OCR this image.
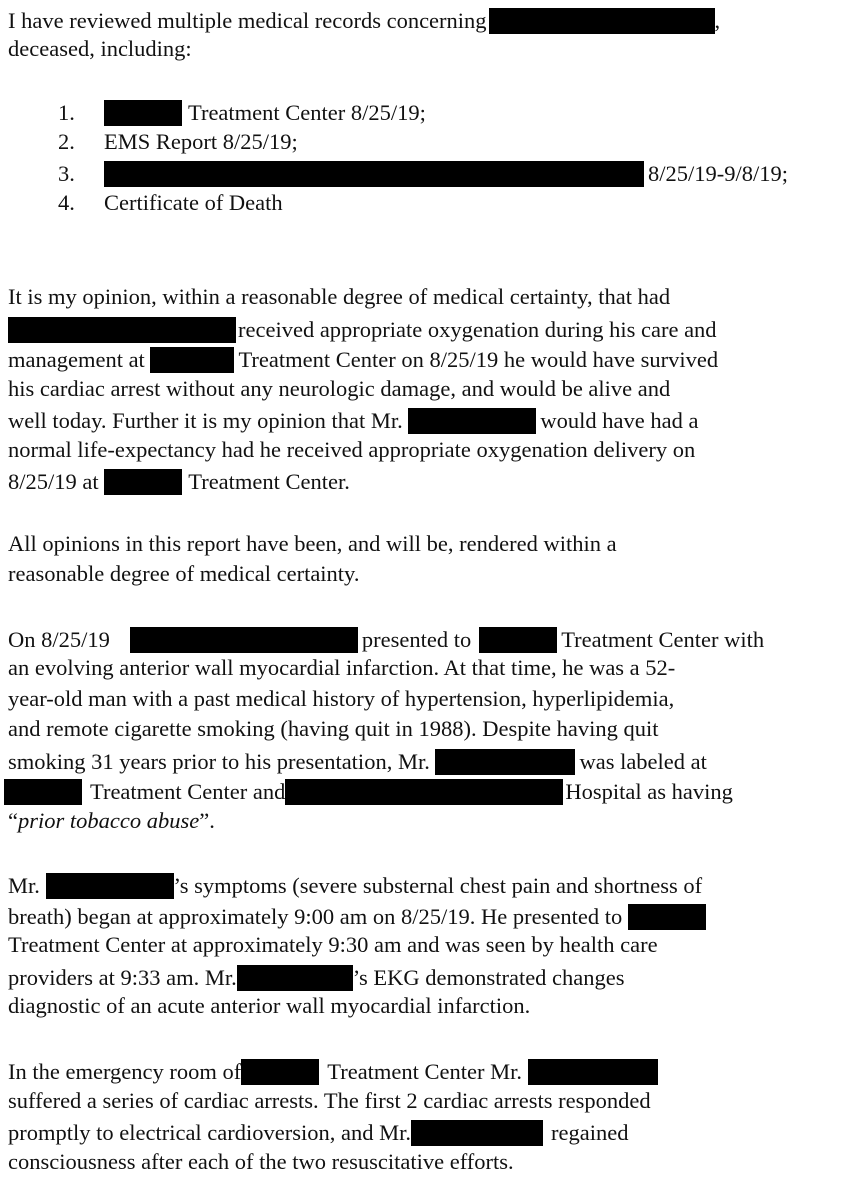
I have reviewed multiple medical records concerning	,
deceased, including:
1.	Treatment Center 8/25/19;
2. EMS Report 8/25/19;
3.	8/25/19-9/8/19;
4. Certificate of Death
It is my opinion, within a reasonable degree of medical certainty, that had
received appropriate oxygenation during his care and
management at	Treatment Center on 8/25/19 he would have survived
his cardiac arrest without any neurologic damage, and would be alive and
well today. Further it is my opinion that Mr.	would have had a
normal life-expectancy had he received appropriate oxygenation delivery on
8/25/19 at	Treatment Center.
All opinions in this report have been, and will be, rendered within a
reasonable degree of medical certainty.
On 8/25/19	presented to	Treatment Center with
an evolving anterior wall myocardial infarction. At that time, he was a 52-
year-old man with a past medical history of hypertension, hyperlipidemia,
and remote cigarette smoking (having quit in 1988). Despite having quit
smoking 31 years prior to his presentation, Mr.	was labeled at
Treatment Center and	Hospital as having
“prior tobacco abuse”.
Mr.	’s symptoms (severe substernal chest pain and shortness of
breath) began at approximately 9:00 am on 8/25/19. He presented to
Treatment Center at approximately 9:30 am and was seen by health care
providers at 9:33 am. Mr.	’s EKG demonstrated changes
diagnostic of an acute anterior wall myocardial infarction.
In the emergency room of	Treatment Center Mr.
suffered a series of cardiac arrests. The first 2 cardiac arrests responded
promptly to electrical cardioversion, and Mr.	regained
consciousness after each of the two resuscitative efforts.
